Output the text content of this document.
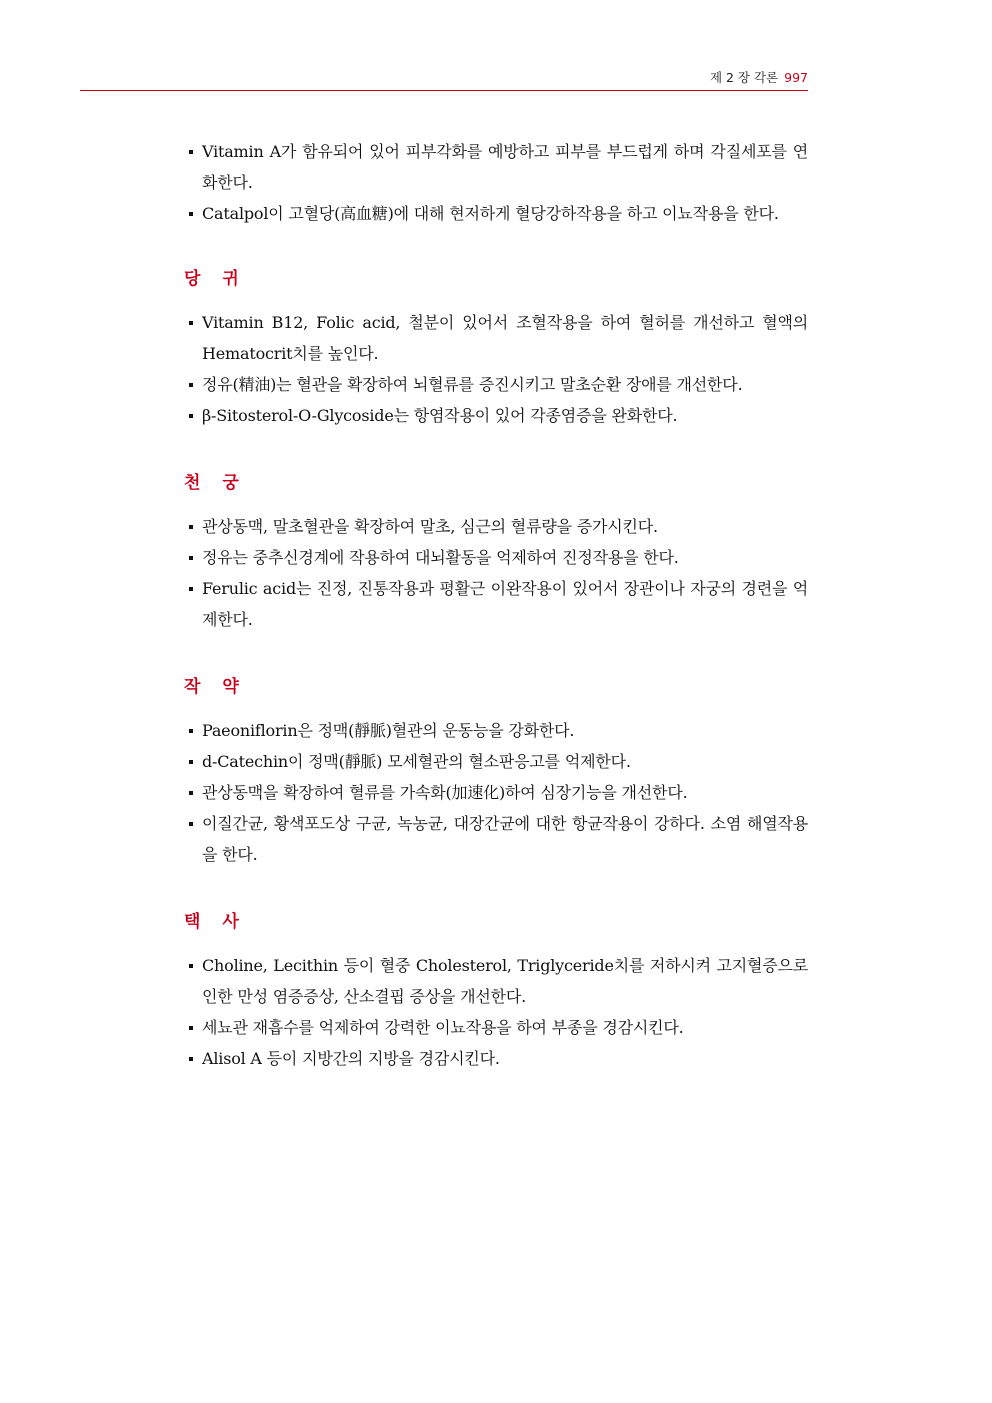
제 2 장 각론 997
Vitamin A가 함유되어 있어 피부각화를 예방하고 피부를 부드럽게 하며 각질세포를 연화한다.
Catalpol이 고혈당(高血糖)에 대해 현저하게 혈당강하작용을 하고 이뇨작용을 한다.
당 귀
Vitamin B12, Folic acid, 철분이 있어서 조혈작용을 하여 혈허를 개선하고 혈액의 Hematocrit치를 높인다.
정유(精油)는 혈관을 확장하여 뇌혈류를 증진시키고 말초순환 장애를 개선한다.
β-Sitosterol-O-Glycoside는 항염작용이 있어 각종염증을 완화한다.
천 궁
관상동맥, 말초혈관을 확장하여 말초, 심근의 혈류량을 증가시킨다.
정유는 중추신경계에 작용하여 대뇌활동을 억제하여 진정작용을 한다.
Ferulic acid는 진정, 진통작용과 평활근 이완작용이 있어서 장관이나 자궁의 경련을 억제한다.
작 약
Paeoniflorin은 정맥(靜脈)혈관의 운동능을 강화한다.
d-Catechin이 정맥(靜脈) 모세혈관의 혈소판응고를 억제한다.
관상동맥을 확장하여 혈류를 가속화(加速化)하여 심장기능을 개선한다.
이질간균, 황색포도상 구균, 녹농균, 대장간균에 대한 항균작용이 강하다. 소염 해열작용을 한다.
택 사
Choline, Lecithin 등이 혈중 Cholesterol, Triglyceride치를 저하시켜 고지혈증으로 인한 만성 염증증상, 산소결핍 증상을 개선한다.
세뇨관 재흡수를 억제하여 강력한 이뇨작용을 하여 부종을 경감시킨다.
Alisol A 등이 지방간의 지방을 경감시킨다.
